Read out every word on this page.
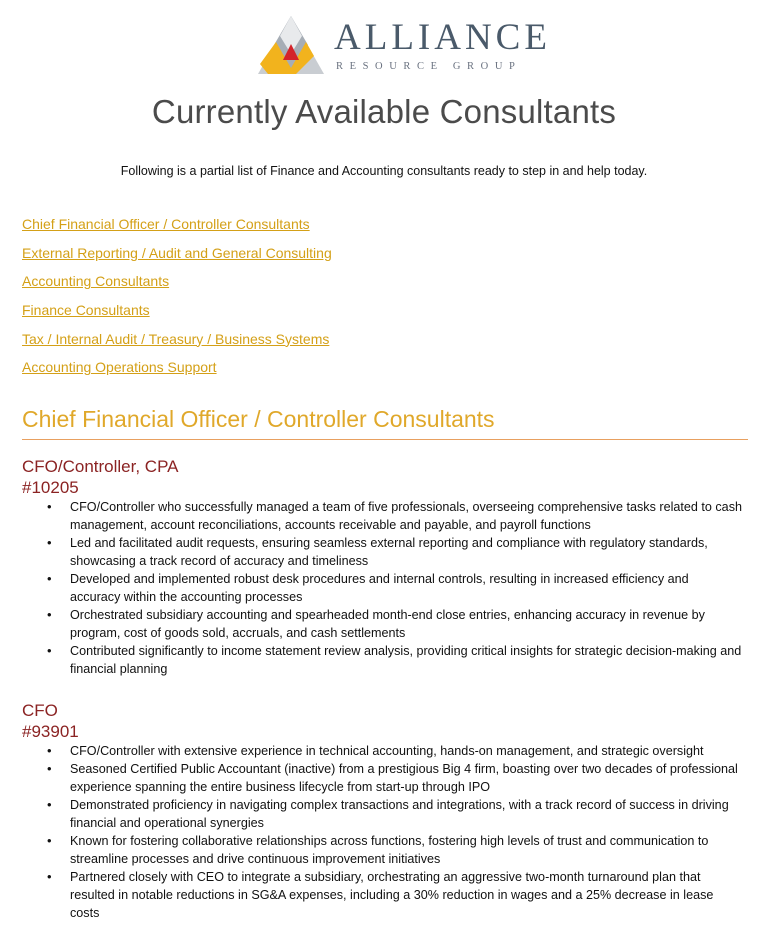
ALLIANCE
RESOURCE GROUP
Currently Available Consultants

Following is a partial list of Finance and Accounting consultants ready to step in and help today.

Chief Financial Officer / Controller Consultants
External Reporting / Audit and General Consulting
Accounting Consultants
Finance Consultants
Tax / Internal Audit / Treasury / Business Systems
Accounting Operations Support
Chief Financial Officer / Controller Consultants
CFO/Controller, CPA
#10205
• CFO/Controller who successfully managed a team of five professionals, overseeing comprehensive tasks related to cash management, account reconciliations, accounts receivable and payable, and payroll functions
• Led and facilitated audit requests, ensuring seamless external reporting and compliance with regulatory standards, showcasing a track record of accuracy and timeliness
• Developed and implemented robust desk procedures and internal controls, resulting in increased efficiency and accuracy within the accounting processes
• Orchestrated subsidiary accounting and spearheaded month-end close entries, enhancing accuracy in revenue by program, cost of goods sold, accruals, and cash settlements
• Contributed significantly to income statement review analysis, providing critical insights for strategic decision-making and financial planning
CFO
#93901
• CFO/Controller with extensive experience in technical accounting, hands-on management, and strategic oversight
• Seasoned Certified Public Accountant (inactive) from a prestigious Big 4 firm, boasting over two decades of professional experience spanning the entire business lifecycle from start-up through IPO
• Demonstrated proficiency in navigating complex transactions and integrations, with a track record of success in driving financial and operational synergies
• Known for fostering collaborative relationships across functions, fostering high levels of trust and communication to streamline processes and drive continuous improvement initiatives
• Partnered closely with CEO to integrate a subsidiary, orchestrating an aggressive two-month turnaround plan that resulted in notable reductions in SG&A expenses, including a 30% reduction in wages and a 25% decrease in lease costs
